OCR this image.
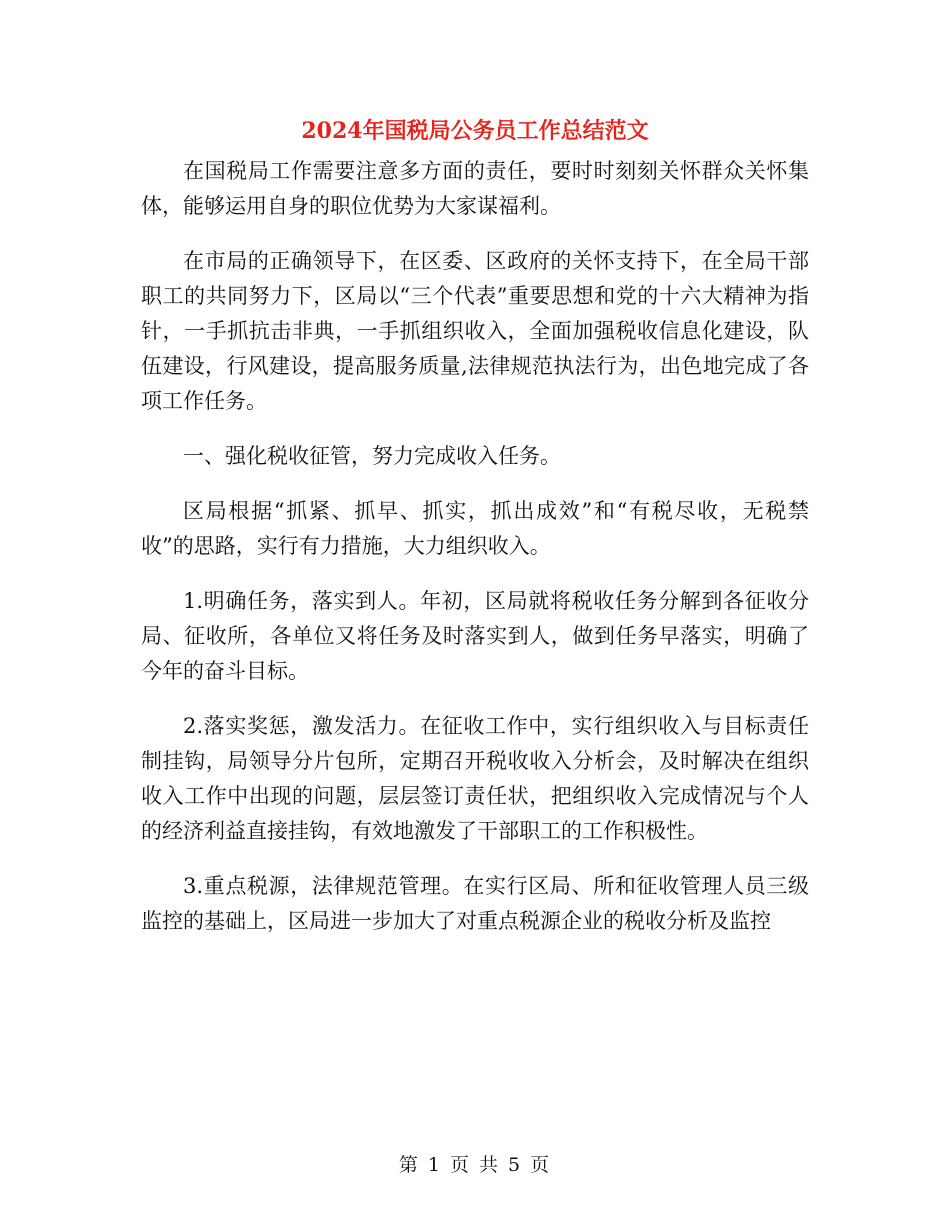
2024年国税局公务员工作总结范文

在国税局工作需要注意多方面的责任，要时时刻刻关怀群众关怀集体，能够运用自身的职位优势为大家谋福利。

在市局的正确领导下，在区委、区政府的关怀支持下，在全局干部职工的共同努力下，区局以“三个代表”重要思想和党的十六大精神为指针，一手抓抗击非典，一手抓组织收入，全面加强税收信息化建设，队伍建设，行风建设，提高服务质量,法律规范执法行为，出色地完成了各项工作任务。

一、强化税收征管，努力完成收入任务。

区局根据“抓紧、抓早、抓实，抓出成效”和“有税尽收，无税禁收”的思路，实行有力措施，大力组织收入。

1.明确任务，落实到人。年初，区局就将税收任务分解到各征收分局、征收所，各单位又将任务及时落实到人，做到任务早落实，明确了今年的奋斗目标。

2.落实奖惩，激发活力。在征收工作中，实行组织收入与目标责任制挂钩，局领导分片包所，定期召开税收收入分析会，及时解决在组织收入工作中出现的问题，层层签订责任状，把组织收入完成情况与个人的经济利益直接挂钩，有效地激发了干部职工的工作积极性。

3.重点税源，法律规范管理。在实行区局、所和征收管理人员三级监控的基础上，区局进一步加大了对重点税源企业的税收分析及监控

第 1 页 共 5 页
